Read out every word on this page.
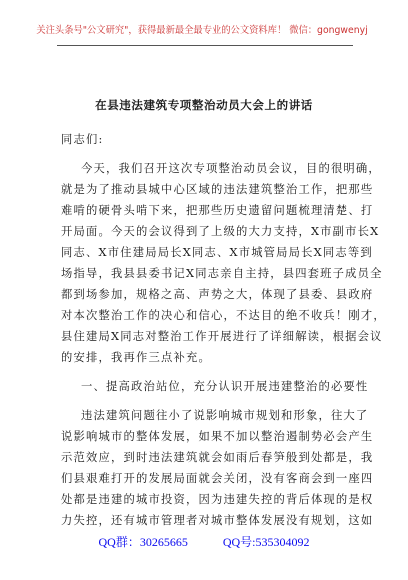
关注头条号"公文研究"，获得最新最全最专业的公文资料库！ 微信：gongwenyj
在县违法建筑专项整治动员大会上的讲话
同志们:
今天，我们召开这次专项整治动员会议，目的很明确，
就是为了推动县城中心区域的违法建筑整治工作，把那些
难啃的硬骨头啃下来，把那些历史遗留问题梳理清楚、打
开局面。今天的会议得到了上级的大力支持，X市副市长X
同志、X市住建局局长X同志、X市城管局局长X同志等到
场指导，我县县委书记X同志亲自主持，县四套班子成员全
都到场参加，规格之高、声势之大，体现了县委、县政府
对本次整治工作的决心和信心，不达目的绝不收兵！刚才，
县住建局X同志对整治工作开展进行了详细解读，根据会议
的安排，我再作三点补充。
一、提高政治站位，充分认识开展违建整治的必要性
违法建筑问题往小了说影响城市规划和形象，往大了
说影响城市的整体发展，如果不加以整治遏制势必会产生
示范效应，到时违法建筑就会如雨后春笋般到处都是，我
们县艰难打开的发展局面就会关闭，没有客商会到一座四
处都是违建的城市投资，因为违建失控的背后体现的是权
力失控，还有城市管理者对城市整体发展没有规划，这如
QQ群：30265665	QQ号:535304092
